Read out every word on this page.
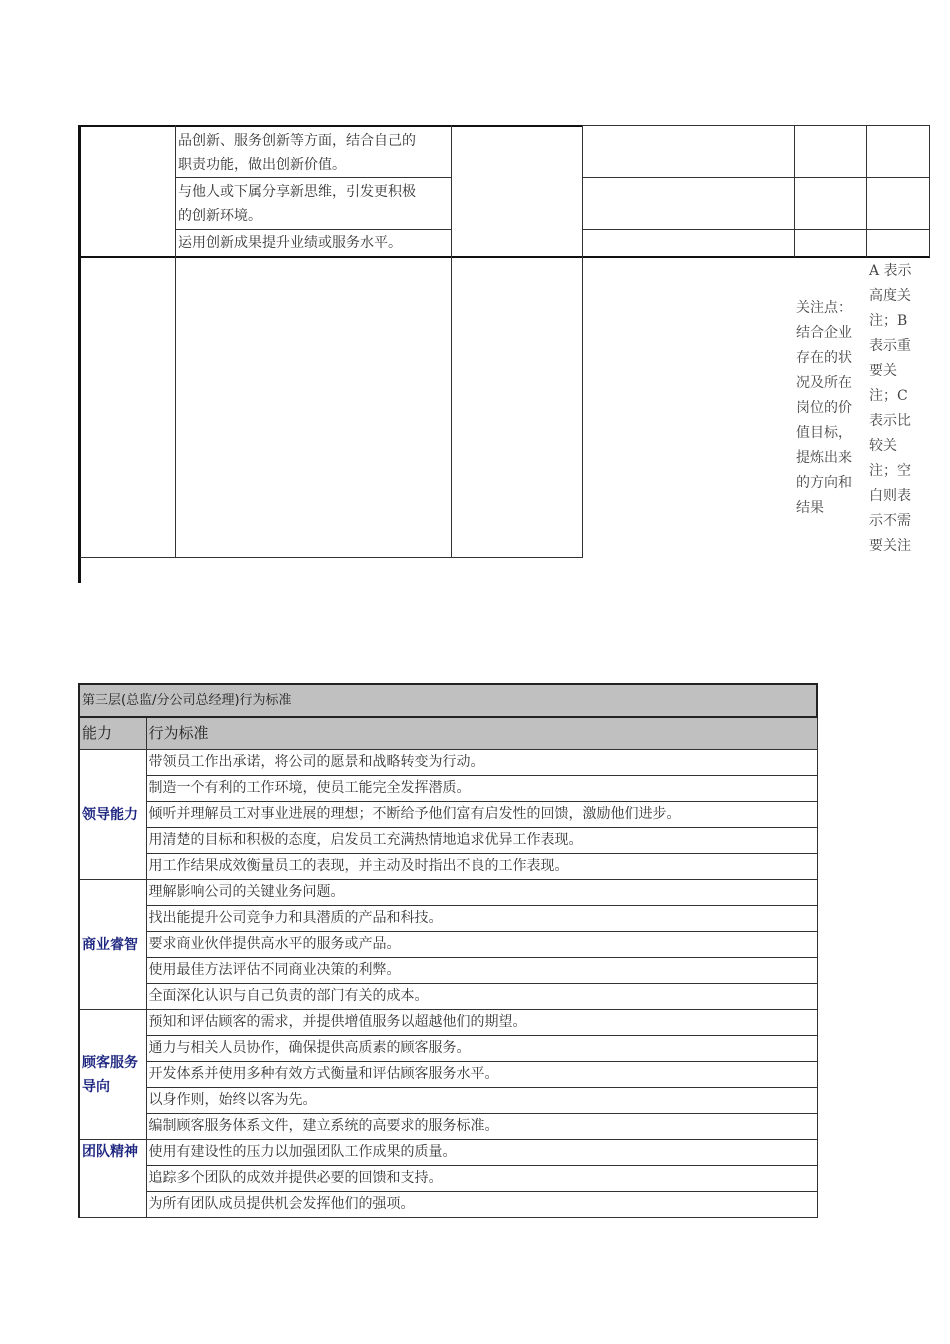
品创新、服务创新等方面，结合自己的
职责功能，做出创新价值。
与他人或下属分享新思维，引发更积极
的创新环境。
运用创新成果提升业绩或服务水平。
关注点：
结合企业
存在的状
况及所在
岗位的价
值目标，
提炼出来
的方向和
结果
A 表示
高度关
注；B
表示重
要关
注；C
表示比
较关
注；空
白则表
示不需
要关注
第三层(总监/分公司总经理)行为标准	
能力	行为标准
领导能力	带领员工作出承诺，将公司的愿景和战略转变为行动。
	制造一个有利的工作环境，使员工能完全发挥潜质。
	倾听并理解员工对事业进展的理想；不断给予他们富有启发性的回馈，激励他们进步。
	用清楚的目标和积极的态度，启发员工充满热情地追求优异工作表现。
	用工作结果成效衡量员工的表现，并主动及时指出不良的工作表现。
商业睿智	理解影响公司的关键业务问题。
	找出能提升公司竞争力和具潜质的产品和科技。
	要求商业伙伴提供高水平的服务或产品。
	使用最佳方法评估不同商业决策的利弊。
	全面深化认识与自己负责的部门有关的成本。
顾客服务导向	预知和评估顾客的需求，并提供增值服务以超越他们的期望。
	通力与相关人员协作，确保提供高质素的顾客服务。
	开发体系并使用多种有效方式衡量和评估顾客服务水平。
	以身作则，始终以客为先。
	编制顾客服务体系文件，建立系统的高要求的服务标准。
团队精神	使用有建设性的压力以加强团队工作成果的质量。
	追踪多个团队的成效并提供必要的回馈和支持。
	为所有团队成员提供机会发挥他们的强项。
